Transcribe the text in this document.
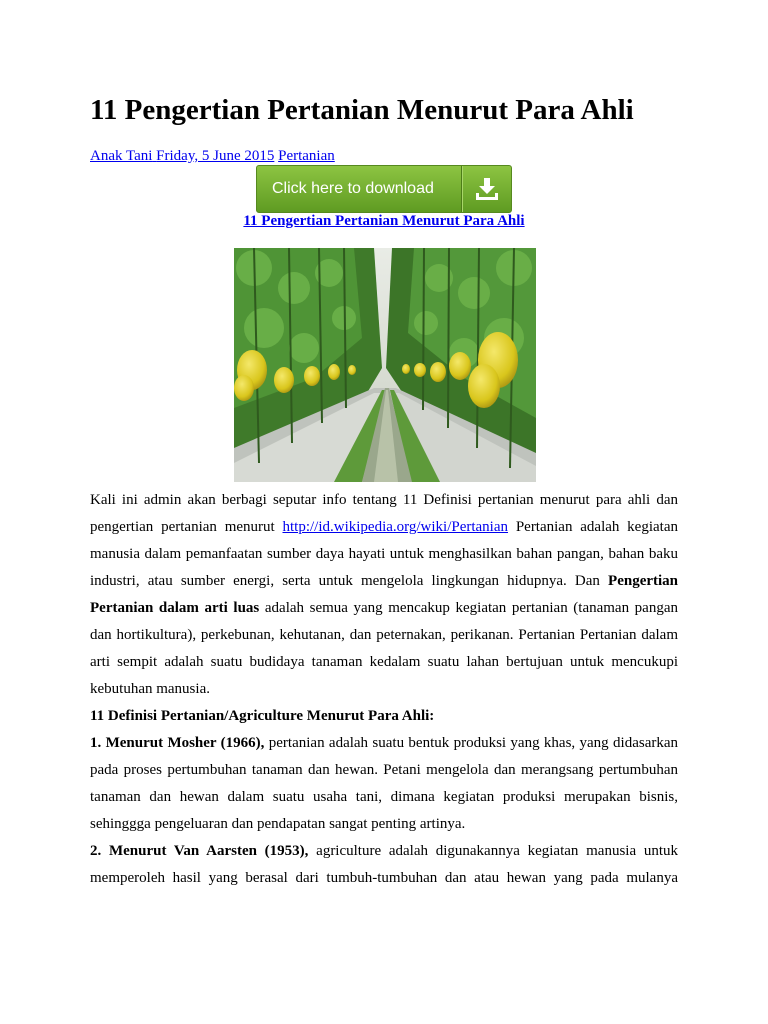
11 Pengertian Pertanian Menurut Para Ahli
Anak Tani Friday, 5 June 2015 Pertanian
Click here to download
11 Pengertian Pertanian Menurut Para Ahli

Kali ini admin akan berbagi seputar info tentang 11 Definisi pertanian menurut para ahli dan
pengertian pertanian menurut http://id.wikipedia.org/wiki/Pertanian Pertanian adalah kegiatan
manusia dalam pemanfaatan sumber daya hayati untuk menghasilkan bahan pangan, bahan baku
industri, atau sumber energi, serta untuk mengelola lingkungan hidupnya. Dan Pengertian
Pertanian dalam arti luas adalah semua yang mencakup kegiatan pertanian (tanaman pangan
dan hortikultura), perkebunan, kehutanan, dan peternakan, perikanan. Pertanian Pertanian dalam
arti sempit adalah suatu budidaya tanaman kedalam suatu lahan bertujuan untuk mencukupi
kebutuhan manusia.

11 Definisi Pertanian/Agriculture Menurut Para Ahli:

1. Menurut Mosher (1966), pertanian adalah suatu bentuk produksi yang khas, yang didasarkan
pada proses pertumbuhan tanaman dan hewan. Petani mengelola dan merangsang pertumbuhan
tanaman dan hewan dalam suatu usaha tani, dimana kegiatan produksi merupakan bisnis,
sehinggga pengeluaran dan pendapatan sangat penting artinya.

2. Menurut Van Aarsten (1953), agriculture adalah digunakannya kegiatan manusia untuk
memperoleh hasil yang berasal dari tumbuh-tumbuhan dan atau hewan yang pada mulanya
